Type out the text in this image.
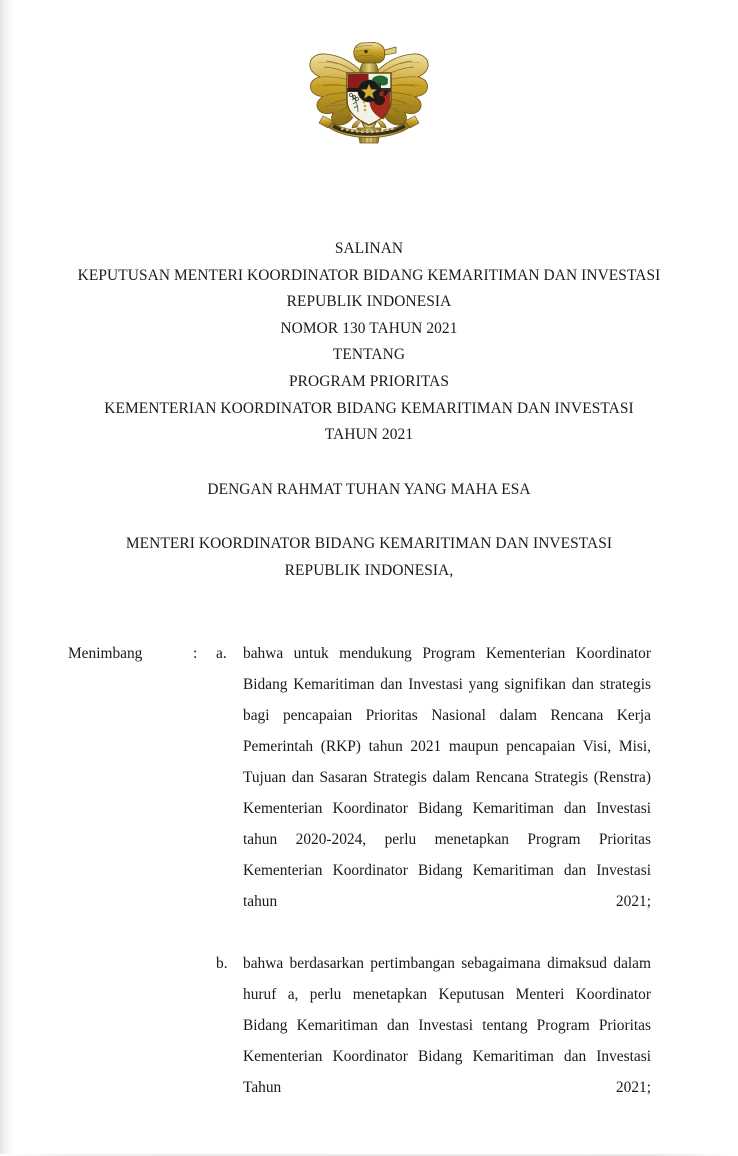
SALINAN
KEPUTUSAN MENTERI KOORDINATOR BIDANG KEMARITIMAN DAN INVESTASI
REPUBLIK INDONESIA
NOMOR 130 TAHUN 2021
TENTANG
PROGRAM PRIORITAS
KEMENTERIAN KOORDINATOR BIDANG KEMARITIMAN DAN INVESTASI
TAHUN 2021
DENGAN RAHMAT TUHAN YANG MAHA ESA
MENTERI KOORDINATOR BIDANG KEMARITIMAN DAN INVESTASI
REPUBLIK INDONESIA,
Menimbang	:	a.	bahwa untuk mendukung Program Kementerian Koordinator Bidang Kemaritiman dan Investasi yang signifikan dan strategis bagi pencapaian Prioritas Nasional dalam Rencana Kerja Pemerintah (RKP) tahun 2021 maupun pencapaian Visi, Misi, Tujuan dan Sasaran Strategis dalam Rencana Strategis (Renstra) Kementerian Koordinator Bidang Kemaritiman dan Investasi tahun 2020-2024, perlu menetapkan Program Prioritas Kementerian Koordinator Bidang Kemaritiman dan Investasi tahun 2021;
b.	bahwa berdasarkan pertimbangan sebagaimana dimaksud dalam huruf a, perlu menetapkan Keputusan Menteri Koordinator Bidang Kemaritiman dan Investasi tentang Program Prioritas Kementerian Koordinator Bidang Kemaritiman dan Investasi Tahun 2021;
